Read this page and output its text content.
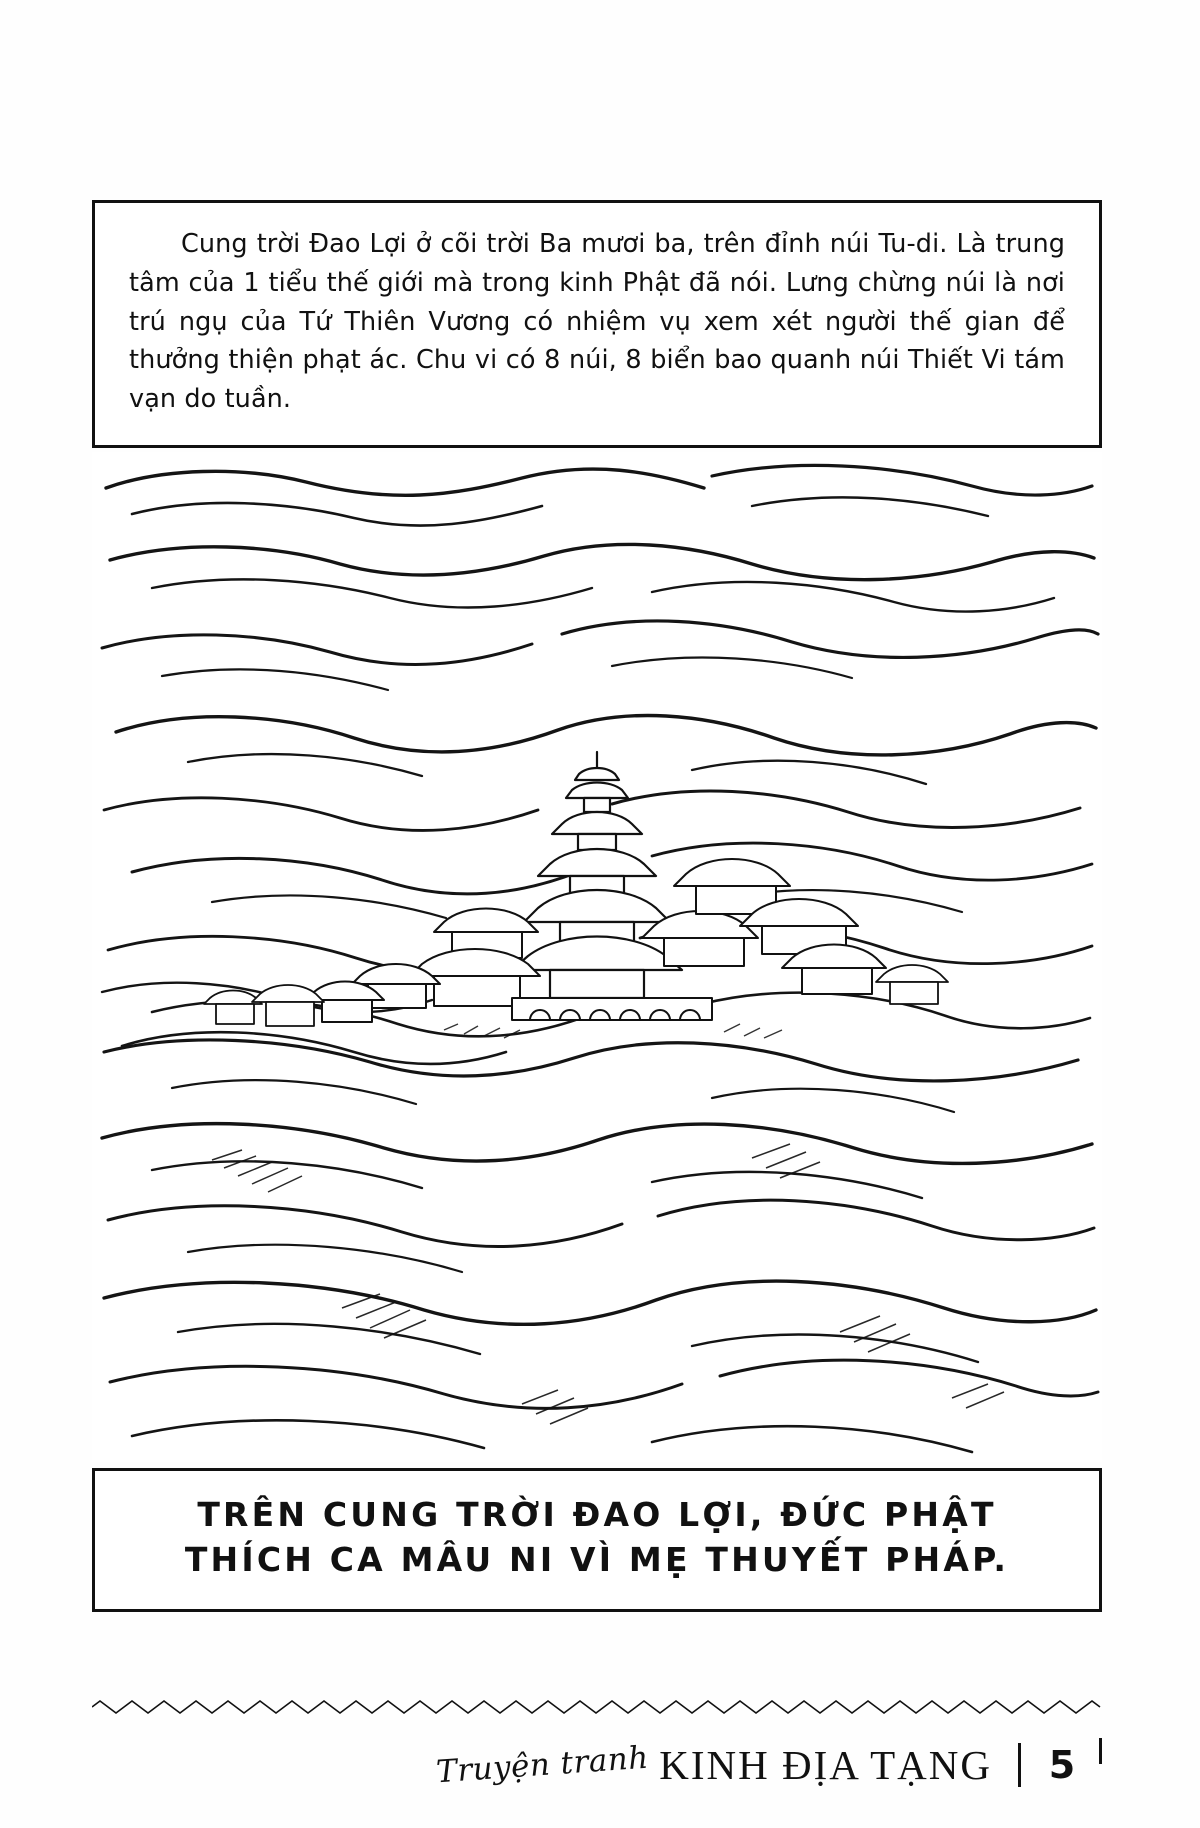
Cung trời Đao Lợi ở cõi trời Ba mươi ba, trên đỉnh núi Tu-di. Là trung tâm của 1 tiểu thế giới mà trong kinh Phật đã nói. Lưng chừng núi là nơi trú ngụ của Tứ Thiên Vương có nhiệm vụ xem xét người thế gian để thưởng thiện phạt ác. Chu vi có 8 núi, 8 biển bao quanh núi Thiết Vi tám vạn do tuần.
TRÊN CUNG TRỜI ĐAO LỢI, ĐỨC PHẬT
THÍCH CA MÂU NI VÌ MẸ THUYẾT PHÁP.
Truyện tranh KINH ĐỊA TẠNG 5
